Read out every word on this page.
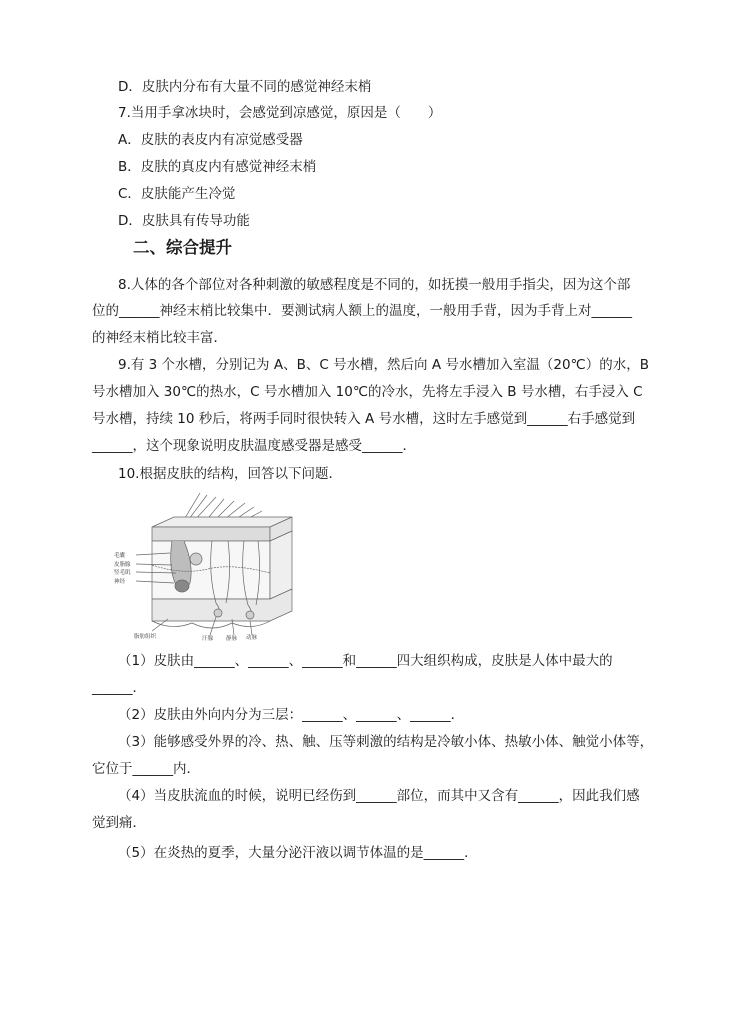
D．皮肤内分布有大量不同的感觉神经末梢
7.当用手拿冰块时，会感觉到凉感觉，原因是（　　）
A．皮肤的表皮内有凉觉感受器
B．皮肤的真皮内有感觉神经末梢
C．皮肤能产生冷觉
D．皮肤具有传导功能
二、综合提升
8.人体的各个部位对各种刺激的敏感程度是不同的，如抚摸一般用手指尖，因为这个部
位的______神经末梢比较集中．要测试病人额上的温度，一般用手背，因为手背上对______
的神经末梢比较丰富．
9.有 3 个水槽，分别记为 A、B、C 号水槽，然后向 A 号水槽加入室温（20℃）的水，B
号水槽加入 30℃的热水，C 号水槽加入 10℃的冷水，先将左手浸入 B 号水槽，右手浸入 C
号水槽，持续 10 秒后，将两手同时很快转入 A 号水槽，这时左手感觉到______右手感觉到
______，这个现象说明皮肤温度感受器是感受______．
10.根据皮肤的结构，回答以下问题．
毛囊
皮脂腺
竖毛肌
神经
脂肪组织	汗腺 静脉 动脉
（1）皮肤由______、______、______和______四大组织构成，皮肤是人体中最大的
______．
（2）皮肤由外向内分为三层：______、______、______．
（3）能够感受外界的冷、热、触、压等刺激的结构是冷敏小体、热敏小体、触觉小体等，
它位于______内．
（4）当皮肤流血的时候，说明已经伤到______部位，而其中又含有______，因此我们感
觉到痛．
（5）在炎热的夏季，大量分泌汗液以调节体温的是______．
